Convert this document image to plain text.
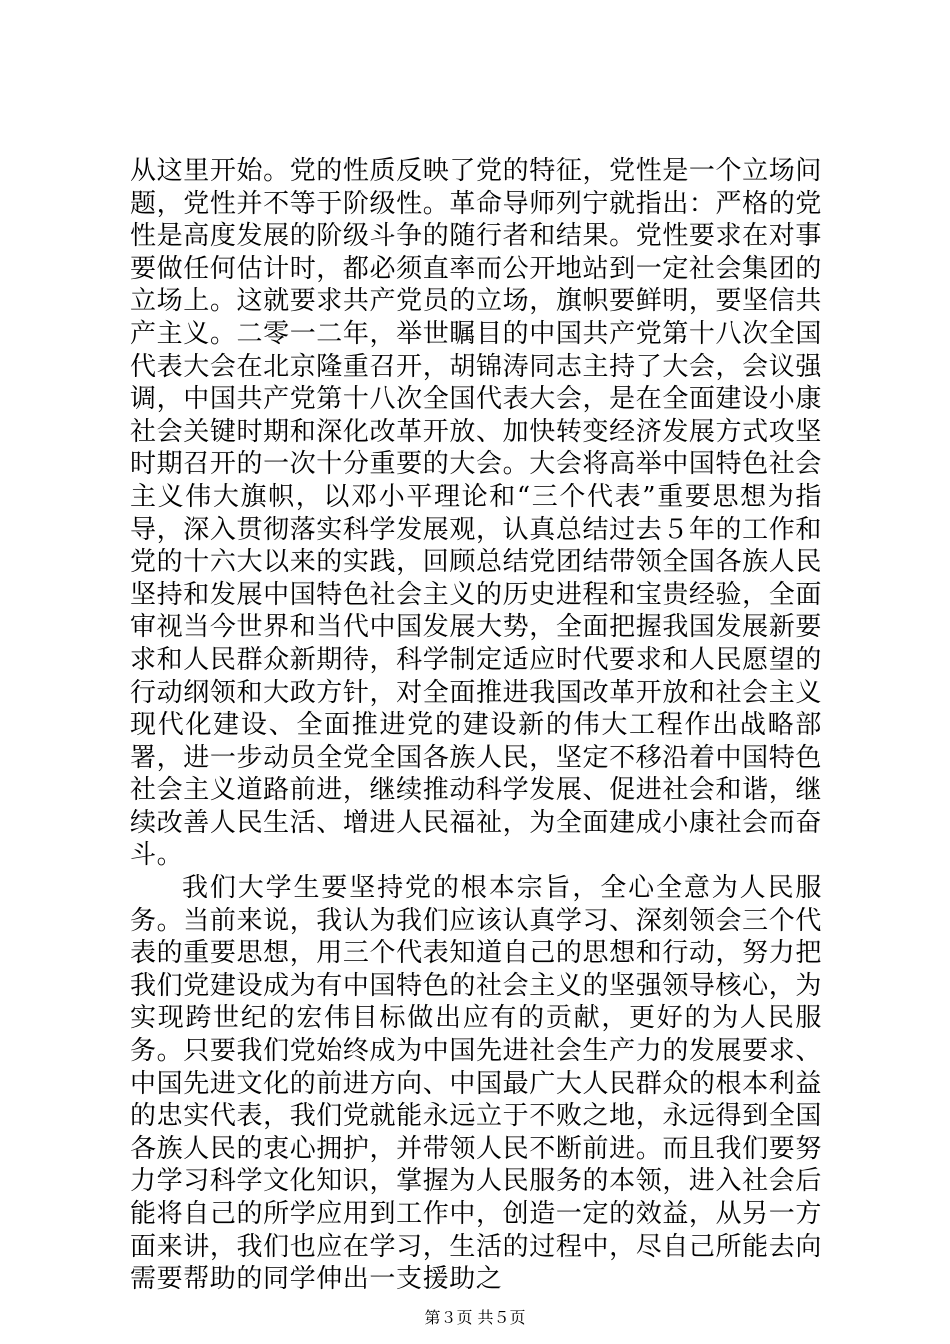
从这里开始。党的性质反映了党的特征，党性是一个立场问题，党性并不等于阶级性。革命导师列宁就指出：严格的党性是高度发展的阶级斗争的随行者和结果。党性要求在对事要做任何估计时，都必须直率而公开地站到一定社会集团的立场上。这就要求共产党员的立场，旗帜要鲜明，要坚信共产主义。二零一二年，举世瞩目的中国共产党第十八次全国代表大会在北京隆重召开，胡锦涛同志主持了大会，会议强调，中国共产党第十八次全国代表大会，是在全面建设小康社会关键时期和深化改革开放、加快转变经济发展方式攻坚时期召开的一次十分重要的大会。大会将高举中国特色社会主义伟大旗帜，以邓小平理论和“三个代表”重要思想为指导，深入贯彻落实科学发展观，认真总结过去５年的工作和党的十六大以来的实践，回顾总结党团结带领全国各族人民坚持和发展中国特色社会主义的历史进程和宝贵经验，全面审视当今世界和当代中国发展大势，全面把握我国发展新要求和人民群众新期待，科学制定适应时代要求和人民愿望的行动纲领和大政方针，对全面推进我国改革开放和社会主义现代化建设、全面推进党的建设新的伟大工程作出战略部署，进一步动员全党全国各族人民，坚定不移沿着中国特色社会主义道路前进，继续推动科学发展、促进社会和谐，继续改善人民生活、增进人民福祉，为全面建成小康社会而奋斗。

我们大学生要坚持党的根本宗旨，全心全意为人民服务。当前来说，我认为我们应该认真学习、深刻领会三个代表的重要思想，用三个代表知道自己的思想和行动，努力把我们党建设成为有中国特色的社会主义的坚强领导核心，为实现跨世纪的宏伟目标做出应有的贡献，更好的为人民服务。只要我们党始终成为中国先进社会生产力的发展要求、中国先进文化的前进方向、中国最广大人民群众的根本利益的忠实代表，我们党就能永远立于不败之地，永远得到全国各族人民的衷心拥护，并带领人民不断前进。而且我们要努力学习科学文化知识，掌握为人民服务的本领，进入社会后能将自己的所学应用到工作中，创造一定的效益，从另一方面来讲，我们也应在学习，生活的过程中，尽自己所能去向需要帮助的同学伸出一支援助之

第３页 共５页
